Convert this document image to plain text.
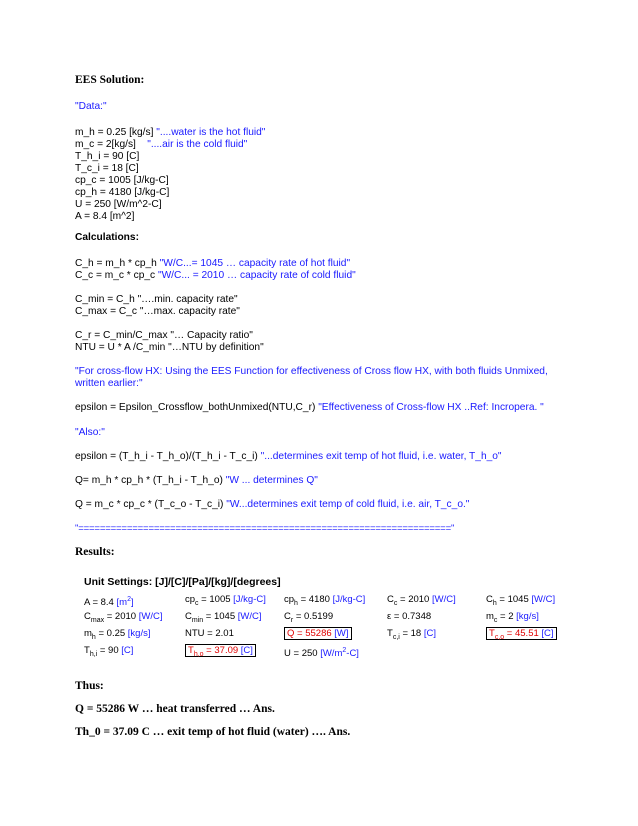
EES Solution:
"Data:"
m_h = 0.25 [kg/s] "....water is the hot fluid"
m_c = 2[kg/s]    "....air is the cold fluid"
T_h_i = 90 [C]
T_c_i = 18 [C]
cp_c = 1005 [J/kg-C]
cp_h = 4180 [J/kg-C]
U = 250 [W/m^2-C]
A = 8.4 [m^2]
Calculations:
C_h = m_h * cp_h "W/C...= 1045 … capacity rate of hot fluid"
C_c = m_c * cp_c "W/C... = 2010 … capacity rate of cold fluid"
C_min = C_h "….min. capacity rate"
C_max = C_c "…max. capacity rate"
C_r = C_min/C_max "… Capacity ratio"
NTU = U * A /C_min "…NTU by definition"
"For cross-flow HX: Using the EES Function for effectiveness of Cross flow HX, with both fluids Unmixed,
written earlier:"
epsilon = Epsilon_Crossflow_bothUnmixed(NTU,C_r) "Effectiveness of Cross-flow HX ..Ref: Incropera. "
"Also:"
epsilon = (T_h_i - T_h_o)/(T_h_i - T_c_i) "...determines exit temp of hot fluid, i.e. water, T_h_o"
Q= m_h * cp_h * (T_h_i - T_h_o) "W ... determines Q"
Q = m_c * cp_c * (T_c_o - T_c_i) "W...determines exit temp of cold fluid, i.e. air, T_c_o."
"====================================================================="
Results:
Unit Settings: [J]/[C]/[Pa]/[kg]/[degrees]
A = 8.4 $[m^2]$	$cp_c = 1005$ [J/kg-C] $cp_h = 4180$ [J/kg-C] $C_c = 2010$ [W/C]	$C_h = 1045$ [W/C]
$C_{max} = 2010$ [W/C] $C_{min} = 1045$ [W/C] $C_r = 0.5199$	ε = 0.7348	$m_c = 2$ [kg/s]
$m_h = 0.25$ [kg/s]	NTU = 2.01	Q = 55286 [W]	$T_{c,i} = 18$ [C]	$T_{c,o} = 45.51$ [C]
$T_{h,i} = 90$ [C]	$T_{h,o} = 37.09$ [C]	U = 250 $[W/m^2-C]$
Thus:
Q = 55286 W … heat transferred … Ans.
Th_0 = 37.09 C … exit temp of hot fluid (water) …. Ans.
